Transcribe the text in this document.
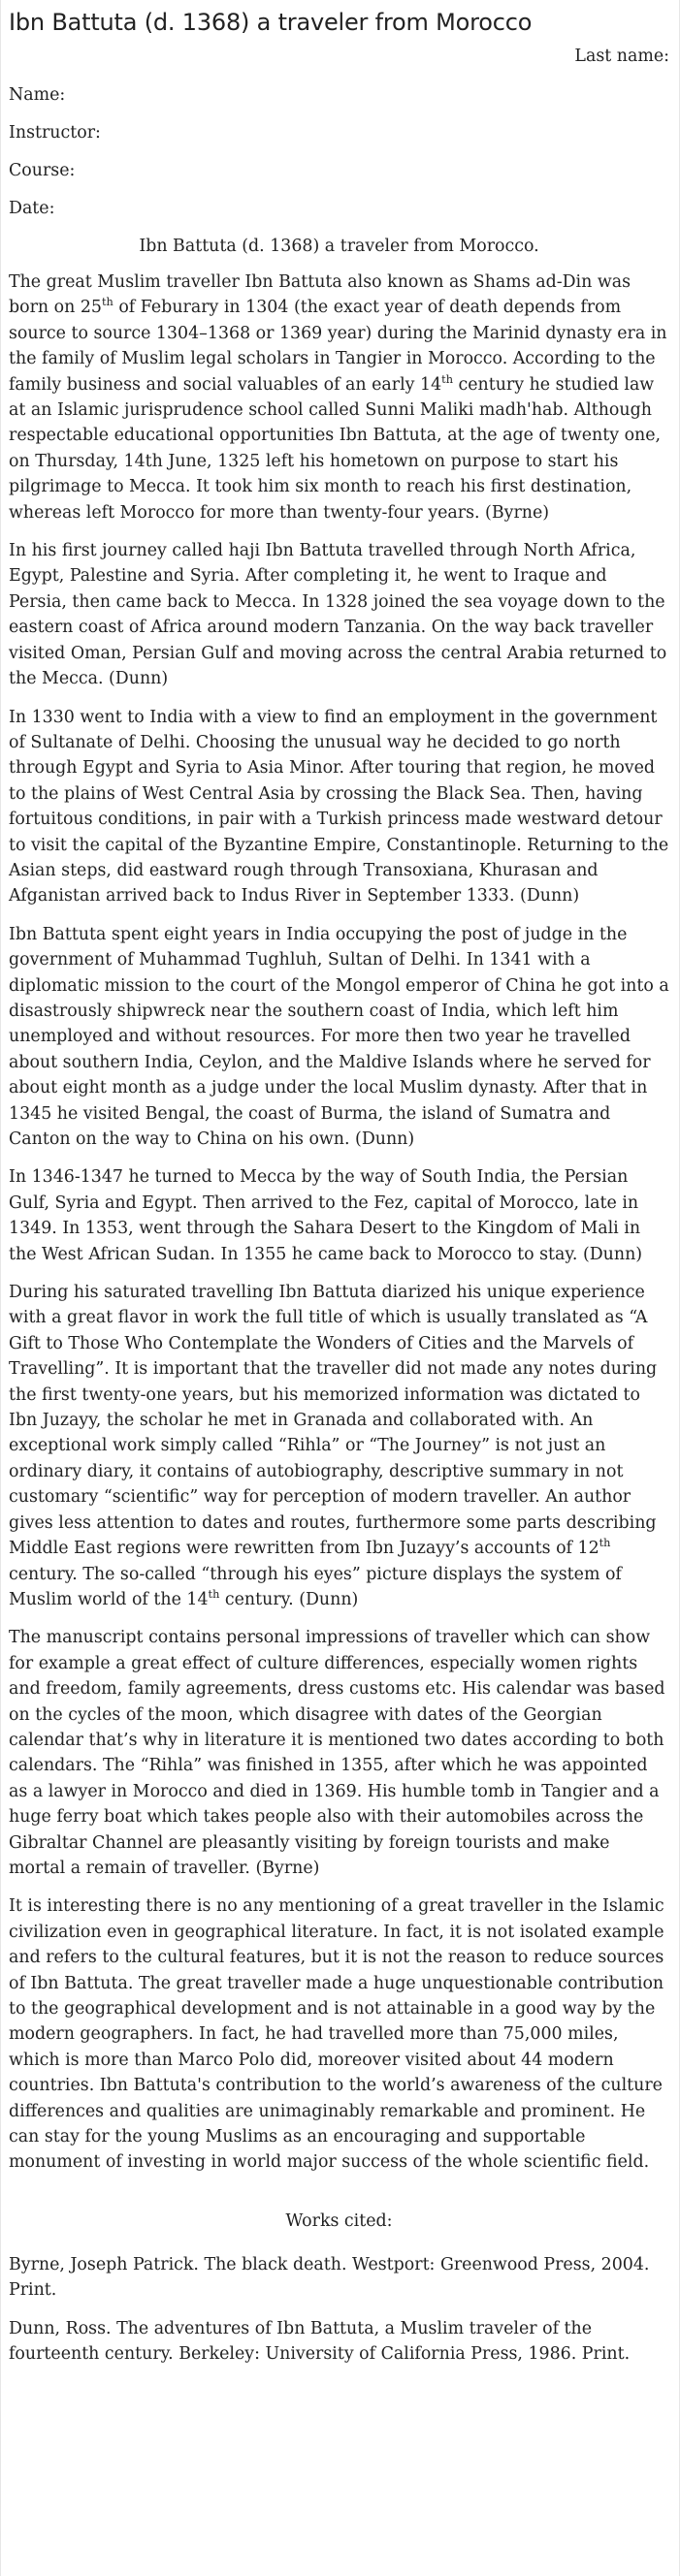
Ibn Battuta (d. 1368) a traveler from Morocco
Last name:
Name:
Instructor:
Course:
Date:
Ibn Battuta (d. 1368) a traveler from Morocco.

The great Muslim traveller Ibn Battuta also known as Shams ad-Din was born on 25th of Feburary in 1304 (the exact year of death depends from source to source 1304–1368 or 1369 year) during the Marinid dynasty era in the family of Muslim legal scholars in Tangier in Morocco. According to the family business and social valuables of an early 14th century he studied law at an Islamic jurisprudence school called Sunni Maliki madh'hab. Although respectable educational opportunities Ibn Battuta, at the age of twenty one, on Thursday, 14th June, 1325 left his hometown on purpose to start his pilgrimage to Mecca. It took him six month to reach his first destination, whereas left Morocco for more than twenty-four years. (Byrne)

In his first journey called haji Ibn Battuta travelled through North Africa, Egypt, Palestine and Syria. After completing it, he went to Iraque and Persia, then came back to Mecca. In 1328 joined the sea voyage down to the eastern coast of Africa around modern Tanzania. On the way back traveller visited Oman, Persian Gulf and moving across the central Arabia returned to the Mecca. (Dunn)

In 1330 went to India with a view to find an employment in the government of Sultanate of Delhi. Choosing the unusual way he decided to go north through Egypt and Syria to Asia Minor. After touring that region, he moved to the plains of West Central Asia by crossing the Black Sea. Then, having fortuitous conditions, in pair with a Turkish princess made westward detour to visit the capital of the Byzantine Empire, Constantinople. Returning to the Asian steps, did eastward rough through Transoxiana, Khurasan and Afganistan arrived back to Indus River in September 1333. (Dunn)

Ibn Battuta spent eight years in India occupying the post of judge in the government of Muhammad Tughluh, Sultan of Delhi. In 1341 with a diplomatic mission to the court of the Mongol emperor of China he got into a disastrously shipwreck near the southern coast of India, which left him unemployed and without resources. For more then two year he travelled about southern India, Ceylon, and the Maldive Islands where he served for about eight month as a judge under the local Muslim dynasty. After that in 1345 he visited Bengal, the coast of Burma, the island of Sumatra and Canton on the way to China on his own. (Dunn)

In 1346-1347 he turned to Mecca by the way of South India, the Persian Gulf, Syria and Egypt. Then arrived to the Fez, capital of Morocco, late in 1349. In 1353, went through the Sahara Desert to the Kingdom of Mali in the West African Sudan. In 1355 he came back to Morocco to stay. (Dunn)

During his saturated travelling Ibn Battuta diarized his unique experience with a great flavor in work the full title of which is usually translated as “A Gift to Those Who Contemplate the Wonders of Cities and the Marvels of Travelling”. It is important that the traveller did not made any notes during the first twenty-one years, but his memorized information was dictated to Ibn Juzayy, the scholar he met in Granada and collaborated with. An exceptional work simply called “Rihla” or “The Journey” is not just an ordinary diary, it contains of autobiography, descriptive summary in not customary “scientific” way for perception of modern traveller. An author gives less attention to dates and routes, furthermore some parts describing Middle East regions were rewritten from Ibn Juzayy’s accounts of 12th century. The so-called “through his eyes” picture displays the system of Muslim world of the 14th century. (Dunn)

The manuscript contains personal impressions of traveller which can show for example a great effect of culture differences, especially women rights and freedom, family agreements, dress customs etc. His calendar was based on the cycles of the moon, which disagree with dates of the Georgian calendar that’s why in literature it is mentioned two dates according to both calendars. The “Rihla” was finished in 1355, after which he was appointed as a lawyer in Morocco and died in 1369. His humble tomb in Tangier and a huge ferry boat which takes people also with their automobiles across the Gibraltar Channel are pleasantly visiting by foreign tourists and make mortal a remain of traveller. (Byrne)

It is interesting there is no any mentioning of a great traveller in the Islamic civilization even in geographical literature. In fact, it is not isolated example and refers to the cultural features, but it is not the reason to reduce sources of Ibn Battuta. The great traveller made a huge unquestionable contribution to the geographical development and is not attainable in a good way by the modern geographers. In fact, he had travelled more than 75,000 miles, which is more than Marco Polo did, moreover visited about 44 modern countries. Ibn Battuta's contribution to the world’s awareness of the culture differences and qualities are unimaginably remarkable and prominent. He can stay for the young Muslims as an encouraging and supportable monument of investing in world major success of the whole scientific field.

Works cited:

Byrne, Joseph Patrick. The black death. Westport: Greenwood Press, 2004. Print.

Dunn, Ross. The adventures of Ibn Battuta, a Muslim traveler of the fourteenth century. Berkeley: University of California Press, 1986. Print.
